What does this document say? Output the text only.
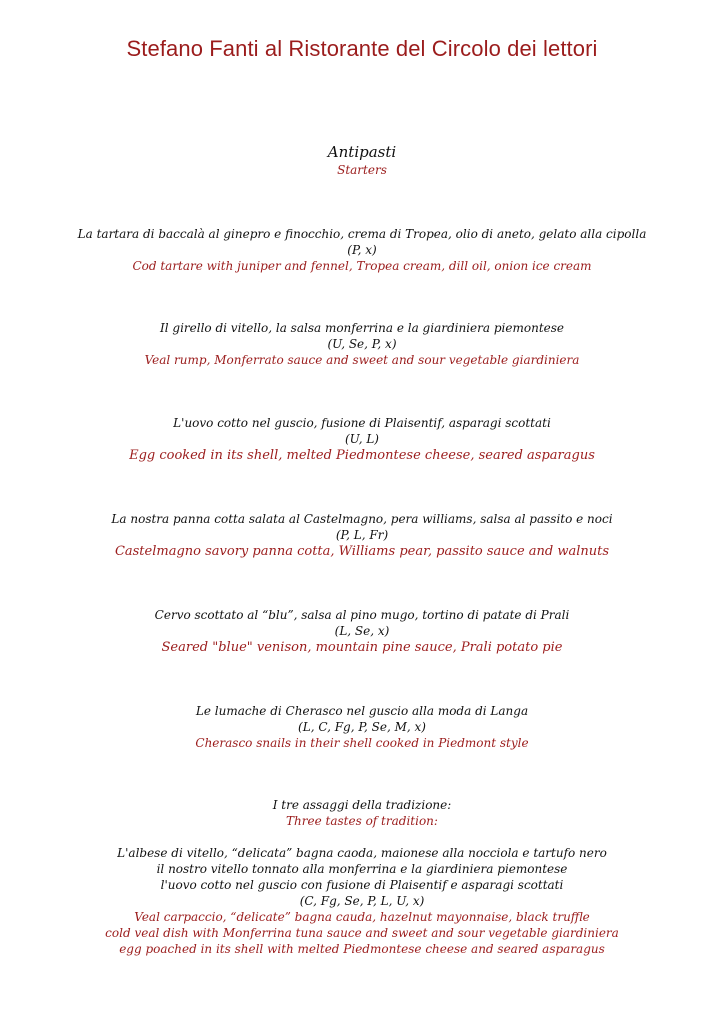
Stefano Fanti al Ristorante del Circolo dei lettori
Antipasti
Starters
La tartara di baccalà al ginepro e finocchio, crema di Tropea, olio di aneto, gelato alla cipolla
(P, x)
Cod tartare with juniper and fennel, Tropea cream, dill oil, onion ice cream
Il girello di vitello, la salsa monferrina e la giardiniera piemontese
(U, Se, P, x)
Veal rump, Monferrato sauce and sweet and sour vegetable giardiniera
L'uovo cotto nel guscio, fusione di Plaisentif, asparagi scottati
(U, L)
Egg cooked in its shell, melted Piedmontese cheese, seared asparagus
La nostra panna cotta salata al Castelmagno, pera williams, salsa al passito e noci
(P, L, Fr)
Castelmagno savory panna cotta, Williams pear, passito sauce and walnuts
Cervo scottato al “blu”, salsa al pino mugo, tortino di patate di Prali
(L, Se, x)
Seared "blue" venison, mountain pine sauce, Prali potato pie
Le lumache di Cherasco nel guscio alla moda di Langa
(L, C, Fg, P, Se, M, x)
Cherasco snails in their shell cooked in Piedmont style
I tre assaggi della tradizione:
Three tastes of tradition:
L'albese di vitello, “delicata” bagna caoda, maionese alla nocciola e tartufo nero
il nostro vitello tonnato alla monferrina e la giardiniera piemontese
l'uovo cotto nel guscio con fusione di Plaisentif e asparagi scottati
(C, Fg, Se, P, L, U, x)
Veal carpaccio, “delicate” bagna cauda, hazelnut mayonnaise, black truffle
cold veal dish with Monferrina tuna sauce and sweet and sour vegetable giardiniera
egg poached in its shell with melted Piedmontese cheese and seared asparagus
